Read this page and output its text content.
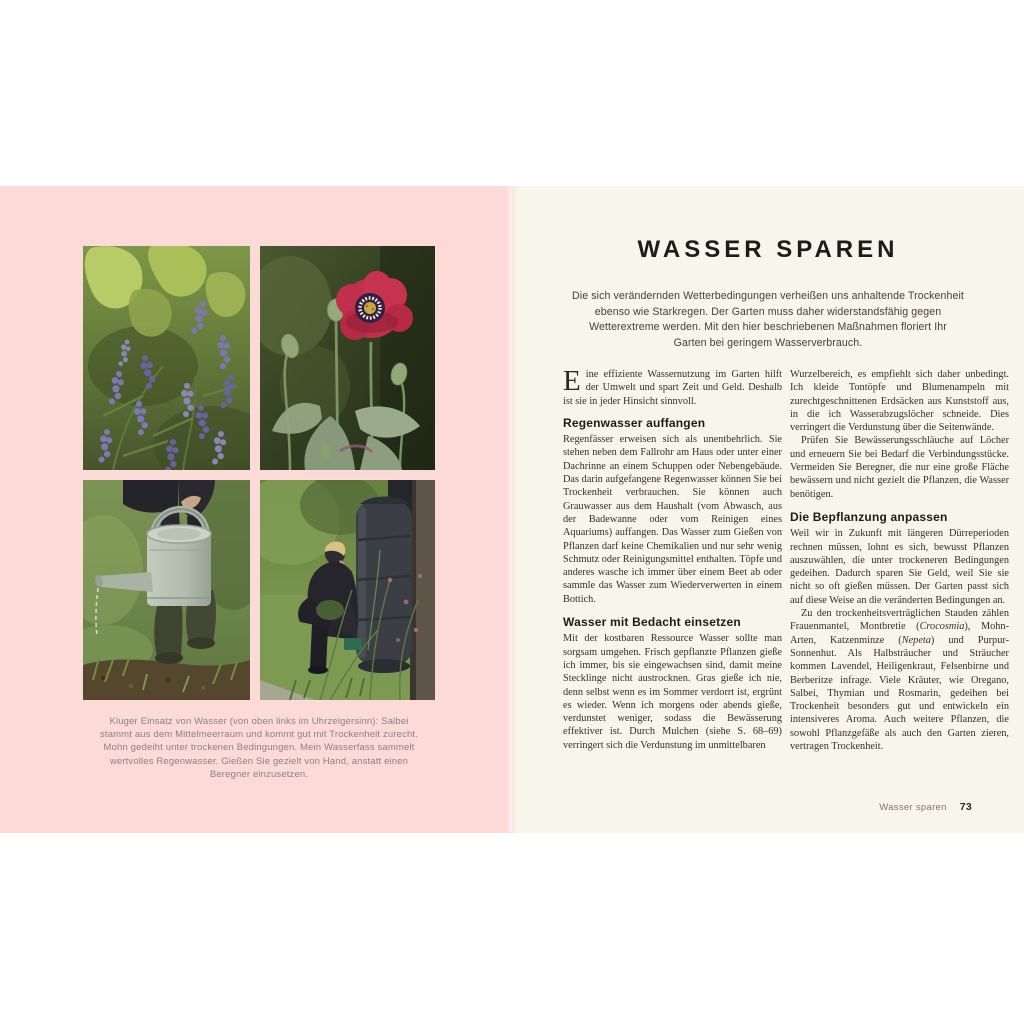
Kluger Einsatz von Wasser (von oben links im Uhrzeigersinn): Salbei stammt aus dem Mittelmeerraum und kommt gut mit Trockenheit zurecht. Mohn gedeiht unter trockenen Bedingungen. Mein Wasserfass sammelt wertvolles Regenwasser. Gießen Sie gezielt von Hand, anstatt einen Beregner einzusetzen.
WASSER SPAREN
Die sich verändernden Wetterbedingungen verheißen uns anhaltende Trockenheit ebenso wie Starkregen. Der Garten muss daher widerstandsfähig gegen Wetterextreme werden. Mit den hier beschriebenen Maßnahmen floriert Ihr Garten bei geringem Wasserverbrauch.

Eine effiziente Wassernutzung im Garten hilft der Umwelt und spart Zeit und Geld. Deshalb ist sie in jeder Hinsicht sinnvoll.

Regenwasser auffangen

Regenfässer erweisen sich als unentbehrlich. Sie stehen neben dem Fallrohr am Haus oder unter einer Dachrinne an einem Schuppen oder Nebengebäude. Das darin aufgefangene Regenwasser können Sie bei Trockenheit verbrauchen. Sie können auch Grauwasser aus dem Haushalt (vom Abwasch, aus der Badewanne oder vom Reinigen eines Aquariums) auffangen. Das Wasser zum Gießen von Pflanzen darf keine Chemikalien und nur sehr wenig Schmutz oder Reinigungsmittel enthalten. Töpfe und anderes wasche ich immer über einem Beet ab oder sammle das Wasser zum Wiederverwerten in einem Bottich.

Wasser mit Bedacht einsetzen

Mit der kostbaren Ressource Wasser sollte man sorgsam umgehen. Frisch gepflanzte Pflanzen gieße ich immer, bis sie eingewachsen sind, damit meine Stecklinge nicht austrocknen. Gras gieße ich nie, denn selbst wenn es im Sommer verdorrt ist, ergrünt es wieder. Wenn ich morgens oder abends gieße, verdunstet weniger, sodass die Bewässerung effektiver ist. Durch Mulchen (siehe S. 68–69) verringert sich die Verdunstung im unmittelbaren

Wurzelbereich, es empfiehlt sich daher unbedingt. Ich kleide Tontöpfe und Blumenampeln mit zurechtgeschnittenen Erdsäcken aus Kunststoff aus, in die ich Wasserabzugslöcher schneide. Dies verringert die Verdunstung über die Seitenwände.

Prüfen Sie Bewässerungsschläuche auf Löcher und erneuern Sie bei Bedarf die Verbindungsstücke. Vermeiden Sie Beregner, die nur eine große Fläche bewässern und nicht gezielt die Pflanzen, die Wasser benötigen.

Die Bepflanzung anpassen

Weil wir in Zukunft mit längeren Dürreperioden rechnen müssen, lohnt es sich, bewusst Pflanzen auszuwählen, die unter trockeneren Bedingungen gedeihen. Dadurch sparen Sie Geld, weil Sie sie nicht so oft gießen müssen. Der Garten passt sich auf diese Weise an die veränderten Bedingungen an.

Zu den trockenheitsverträglichen Stauden zählen Frauenmantel, Montbretie (Crocosmia), Mohn-Arten, Katzenminze (Nepeta) und Purpur-Sonnenhut. Als Halbsträucher und Sträucher kommen Lavendel, Heiligenkraut, Felsenbirne und Berberitze infrage. Viele Kräuter, wie Oregano, Salbei, Thymian und Rosmarin, gedeihen bei Trockenheit besonders gut und entwickeln ein intensiveres Aroma. Auch weitere Pflanzen, die sowohl Pflanzgefäße als auch den Garten zieren, vertragen Trockenheit.

Wasser sparen 73
